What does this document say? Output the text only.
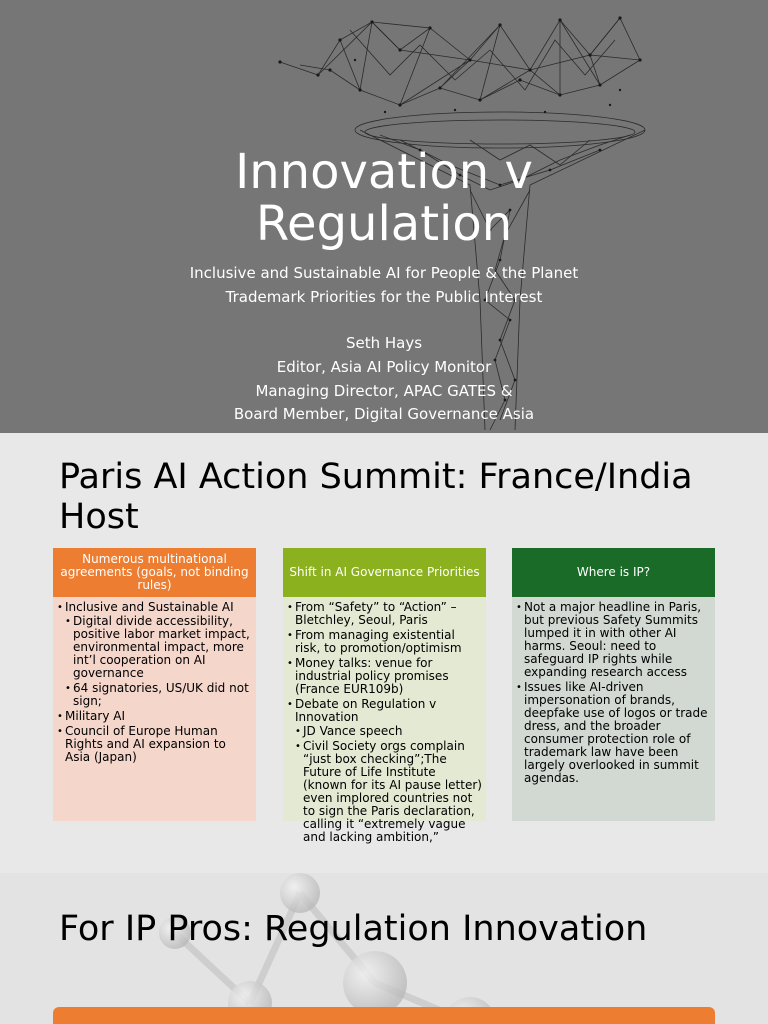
Innovation v
Regulation
Inclusive and Sustainable AI for People & the Planet
Trademark Priorities for the Public Interest
Seth Hays
Editor, Asia AI Policy Monitor
Managing Director, APAC GATES &
Board Member, Digital Governance Asia
Paris AI Action Summit: France/India Host
Numerous multinational agreements (goals, not binding rules)
• Inclusive and Sustainable AI
• Digital divide accessibility, positive labor market impact, environmental impact, more int’l cooperation on AI governance
• 64 signatories, US/UK did not sign;
• Military AI
• Council of Europe Human Rights and AI expansion to Asia (Japan)
Shift in AI Governance Priorities
• From “Safety” to “Action” – Bletchley, Seoul, Paris
• From managing existential risk, to promotion/optimism
• Money talks: venue for industrial policy promises (France EUR109b)
• Debate on Regulation v Innovation
• JD Vance speech
• Civil Society orgs complain “just box checking”;The Future of Life Institute (known for its AI pause letter) even implored countries not to sign the Paris declaration, calling it “extremely vague and lacking ambition,”
Where is IP?
• Not a major headline in Paris, but previous Safety Summits lumped it in with other AI harms. Seoul: need to safeguard IP rights while expanding research access
• Issues like AI-driven impersonation of brands, deepfake use of logos or trade dress, and the broader consumer protection role of trademark law have been largely overlooked in summit agendas.
For IP Pros: Regulation Innovation
